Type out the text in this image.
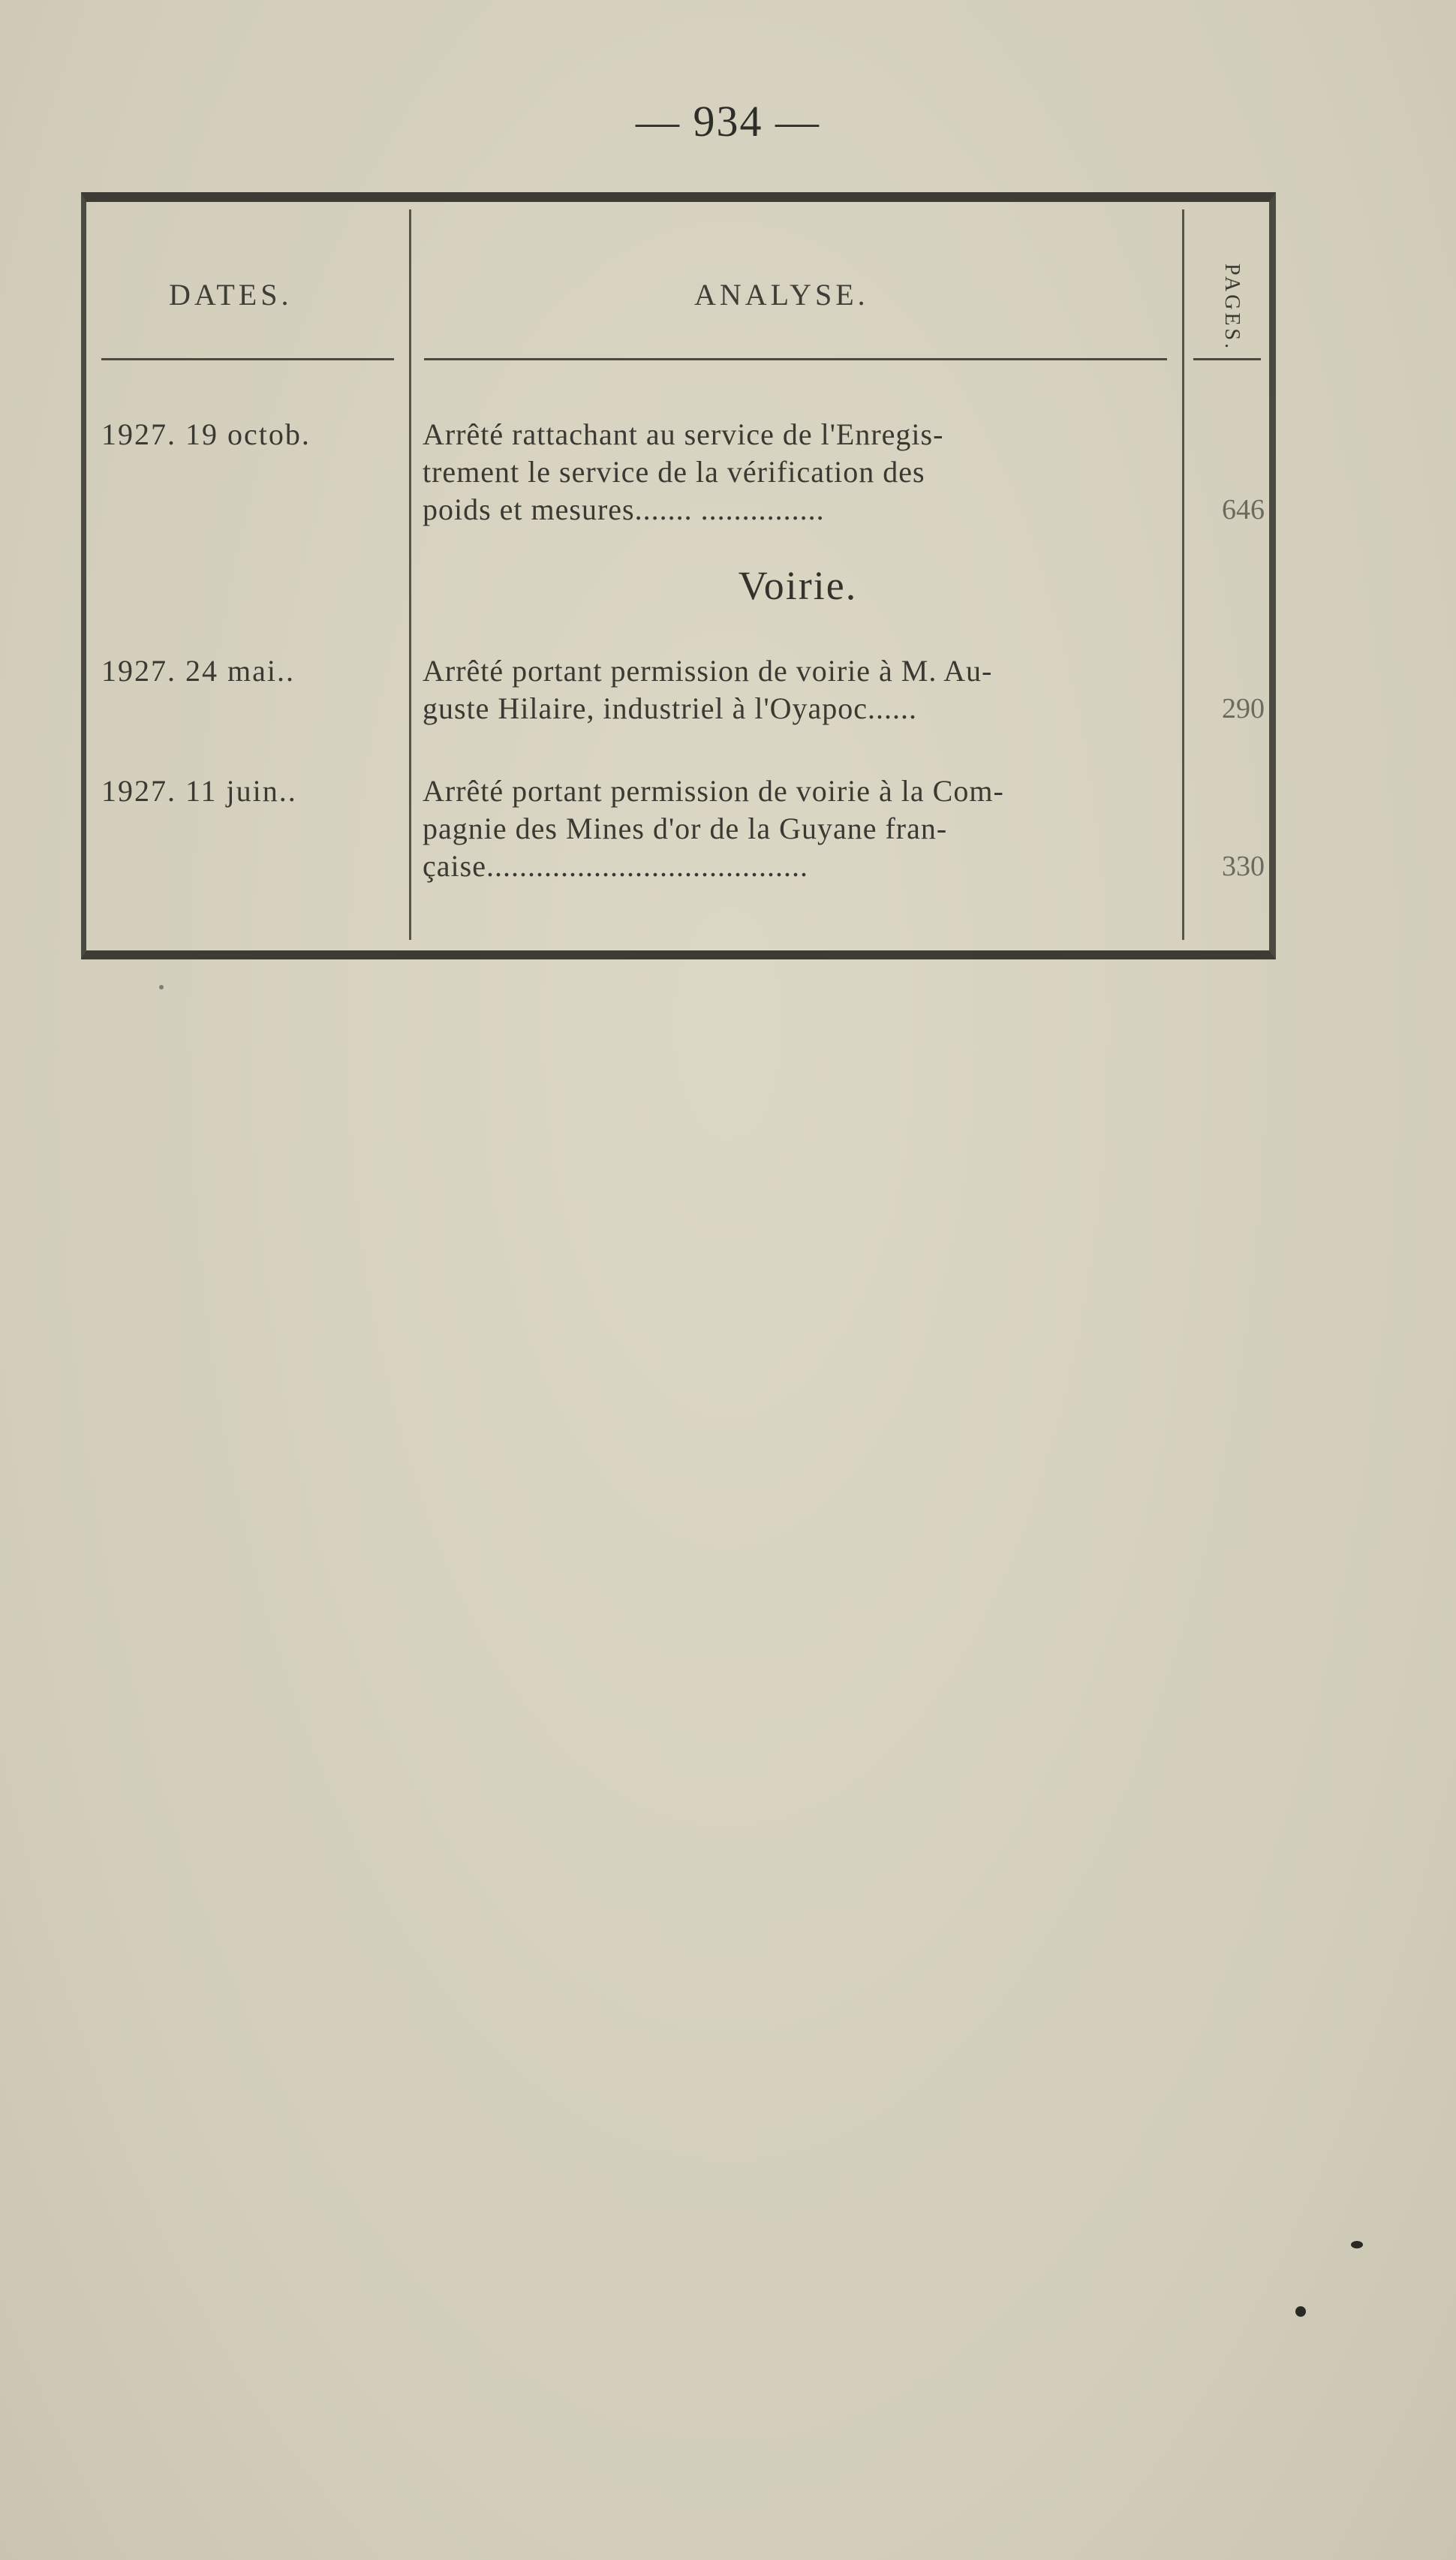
— 934 —
DATES.	ANALYSE.	PAGES.
1927. 19 octob.	Arrêté rattachant au service de l'Enregis-
trement le service de la vérification des
poids et mesures....... ...............	646
Voirie.
1927. 24 mai..	Arrêté portant permission de voirie à M. Au-
guste Hilaire, industriel à l'Oyapoc......	290
1927. 11 juin..	Arrêté portant permission de voirie à la Com-
pagnie des Mines d'or de la Guyane fran-
çaise.......................................	330
